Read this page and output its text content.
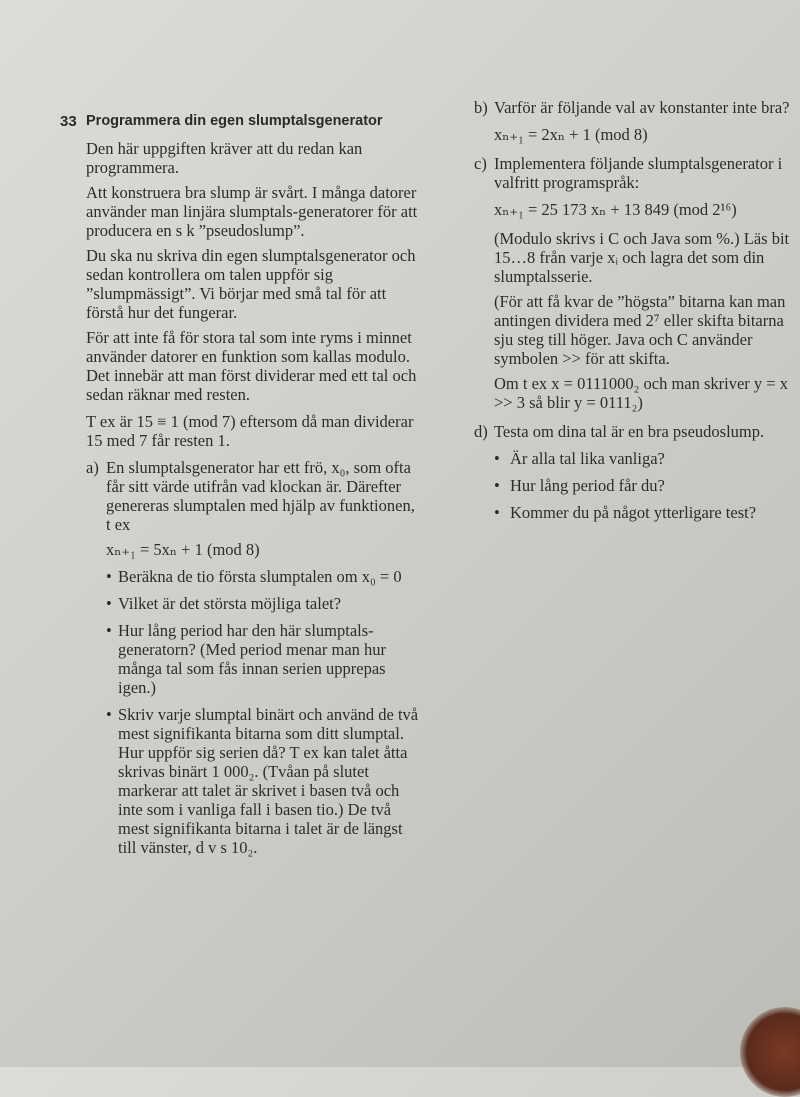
33 Programmera din egen slumptalsgenerator

Den här uppgiften kräver att du redan kan programmera.

Att konstruera bra slump är svårt. I många datorer använder man linjära slumptals-generatorer för att producera en s k ”pseudoslump”.

Du ska nu skriva din egen slumptalsgenerator och sedan kontrollera om talen uppför sig ”slumpmässigt”. Vi börjar med små tal för att förstå hur det fungerar.

För att inte få för stora tal som inte ryms i minnet använder datorer en funktion som kallas modulo. Det innebär att man först dividerar med ett tal och sedan räknar med resten.

T ex är 15 ≡ 1 (mod 7) eftersom då man dividerar 15 med 7 får resten 1.

a) En slumptalsgenerator har ett frö, x₀, som ofta får sitt värde utifrån vad klockan är. Därefter genereras slumptalen med hjälp av funktionen, t ex
xₙ₊₁ = 5xₙ + 1 (mod 8)
• Beräkna de tio första slumptalen om x₀ = 0
• Vilket är det största möjliga talet?
• Hur lång period har den här slumptals-generatorn? (Med period menar man hur många tal som fås innan serien upprepas igen.)
• Skriv varje slumptal binärt och använd de två mest signifikanta bitarna som ditt slumptal. Hur uppför sig serien då? T ex kan talet åtta skrivas binärt 1 000₂. (Tvåan på slutet markerar att talet är skrivet i basen två och inte som i vanliga fall i basen tio.) De två mest signifikanta bitarna i talet är de längst till vänster, d v s 10₂.
b) Varför är följande val av konstanter inte bra?
xₙ₊₁ = 2xₙ + 1 (mod 8)
c) Implementera följande slumptalsgenerator i valfritt programspråk:
xₙ₊₁ = 25 173 xₙ + 13 849 (mod 2¹⁶)
(Modulo skrivs i C och Java som %.) Läs bit 15…8 från varje xᵢ och lagra det som din slumptalsserie.
(För att få kvar de ”högsta” bitarna kan man antingen dividera med 2⁷ eller skifta bitarna sju steg till höger. Java och C använder symbolen >> för att skifta.
Om t ex x = 0111000₂ och man skriver y = x >> 3 så blir y = 0111₂)
d) Testa om dina tal är en bra pseudoslump.
• Är alla tal lika vanliga?
• Hur lång period får du?
• Kommer du på något ytterligare test?
